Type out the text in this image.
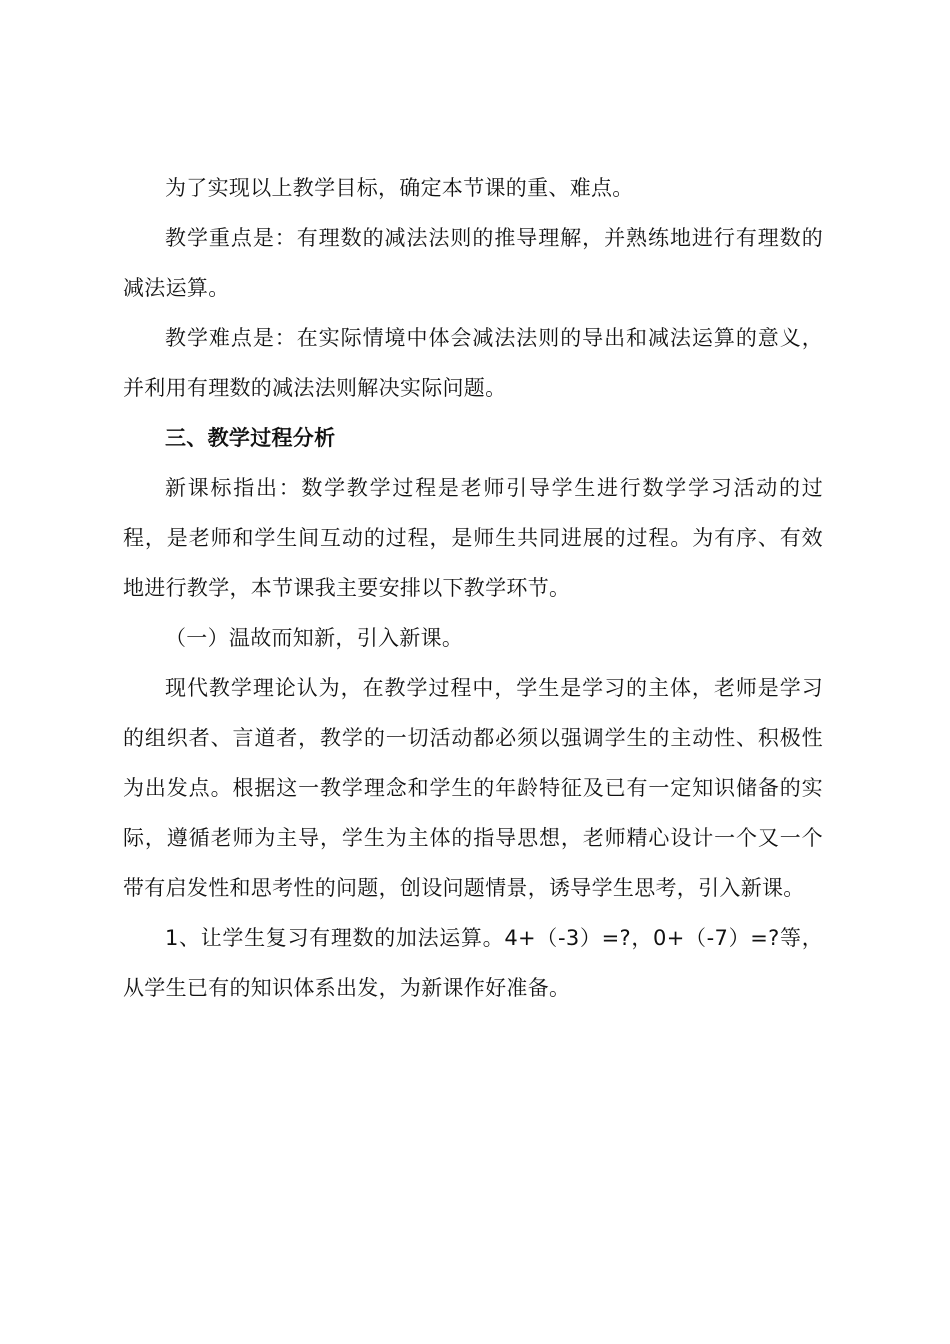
为了实现以上教学目标，确定本节课的重、难点。

教学重点是：有理数的减法法则的推导理解，并熟练地进行有理数的减法运算。

教学难点是：在实际情境中体会减法法则的导出和减法运算的意义，并利用有理数的减法法则解决实际问题。

三、教学过程分析

新课标指出：数学教学过程是老师引导学生进行数学学习活动的过程，是老师和学生间互动的过程，是师生共同进展的过程。为有序、有效地进行教学，本节课我主要安排以下教学环节。

（一）温故而知新，引入新课。

现代教学理论认为，在教学过程中，学生是学习的主体，老师是学习的组织者、言道者，教学的一切活动都必须以强调学生的主动性、积极性为出发点。根据这一教学理念和学生的年龄特征及已有一定知识储备的实际，遵循老师为主导，学生为主体的指导思想，老师精心设计一个又一个带有启发性和思考性的问题，创设问题情景，诱导学生思考，引入新课。

1、让学生复习有理数的加法运算。4+（-3）=?，0+（-7）=?等，从学生已有的知识体系出发，为新课作好准备。
